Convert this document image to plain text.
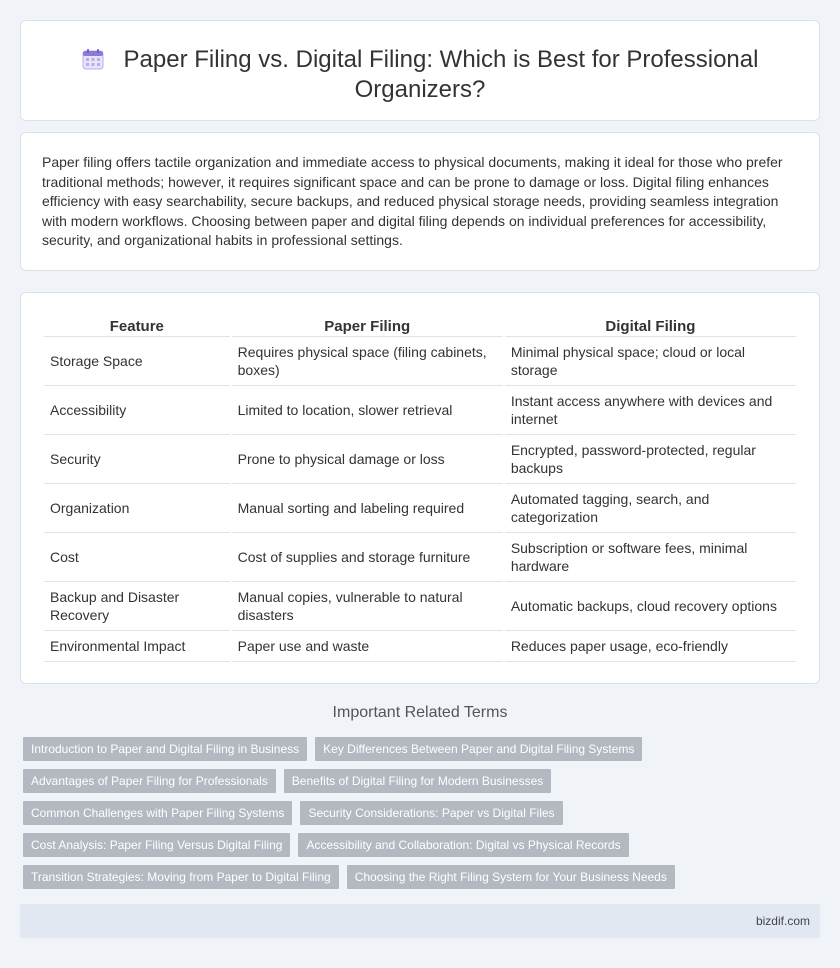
Paper Filing vs. Digital Filing: Which is Best for Professional Organizers?

Paper filing offers tactile organization and immediate access to physical documents, making it ideal for those who prefer traditional methods; however, it requires significant space and can be prone to damage or loss. Digital filing enhances efficiency with easy searchability, secure backups, and reduced physical storage needs, providing seamless integration with modern workflows. Choosing between paper and digital filing depends on individual preferences for accessibility, security, and organizational habits in professional settings.

Feature	Paper Filing	Digital Filing
Storage Space	Requires physical space (filing cabinets, boxes)	Minimal physical space; cloud or local storage
Accessibility	Limited to location, slower retrieval	Instant access anywhere with devices and internet
Security	Prone to physical damage or loss	Encrypted, password-protected, regular backups
Organization	Manual sorting and labeling required	Automated tagging, search, and categorization
Cost	Cost of supplies and storage furniture	Subscription or software fees, minimal hardware
Backup and Disaster Recovery	Manual copies, vulnerable to natural disasters	Automatic backups, cloud recovery options
Environmental Impact	Paper use and waste	Reduces paper usage, eco-friendly
Important Related Terms
Introduction to Paper and Digital Filing in Business	Key Differences Between Paper and Digital Filing Systems
Advantages of Paper Filing for Professionals	Benefits of Digital Filing for Modern Businesses
Common Challenges with Paper Filing Systems	Security Considerations: Paper vs Digital Files
Cost Analysis: Paper Filing Versus Digital Filing	Accessibility and Collaboration: Digital vs Physical Records
Transition Strategies: Moving from Paper to Digital Filing	Choosing the Right Filing System for Your Business Needs
bizdif.com
